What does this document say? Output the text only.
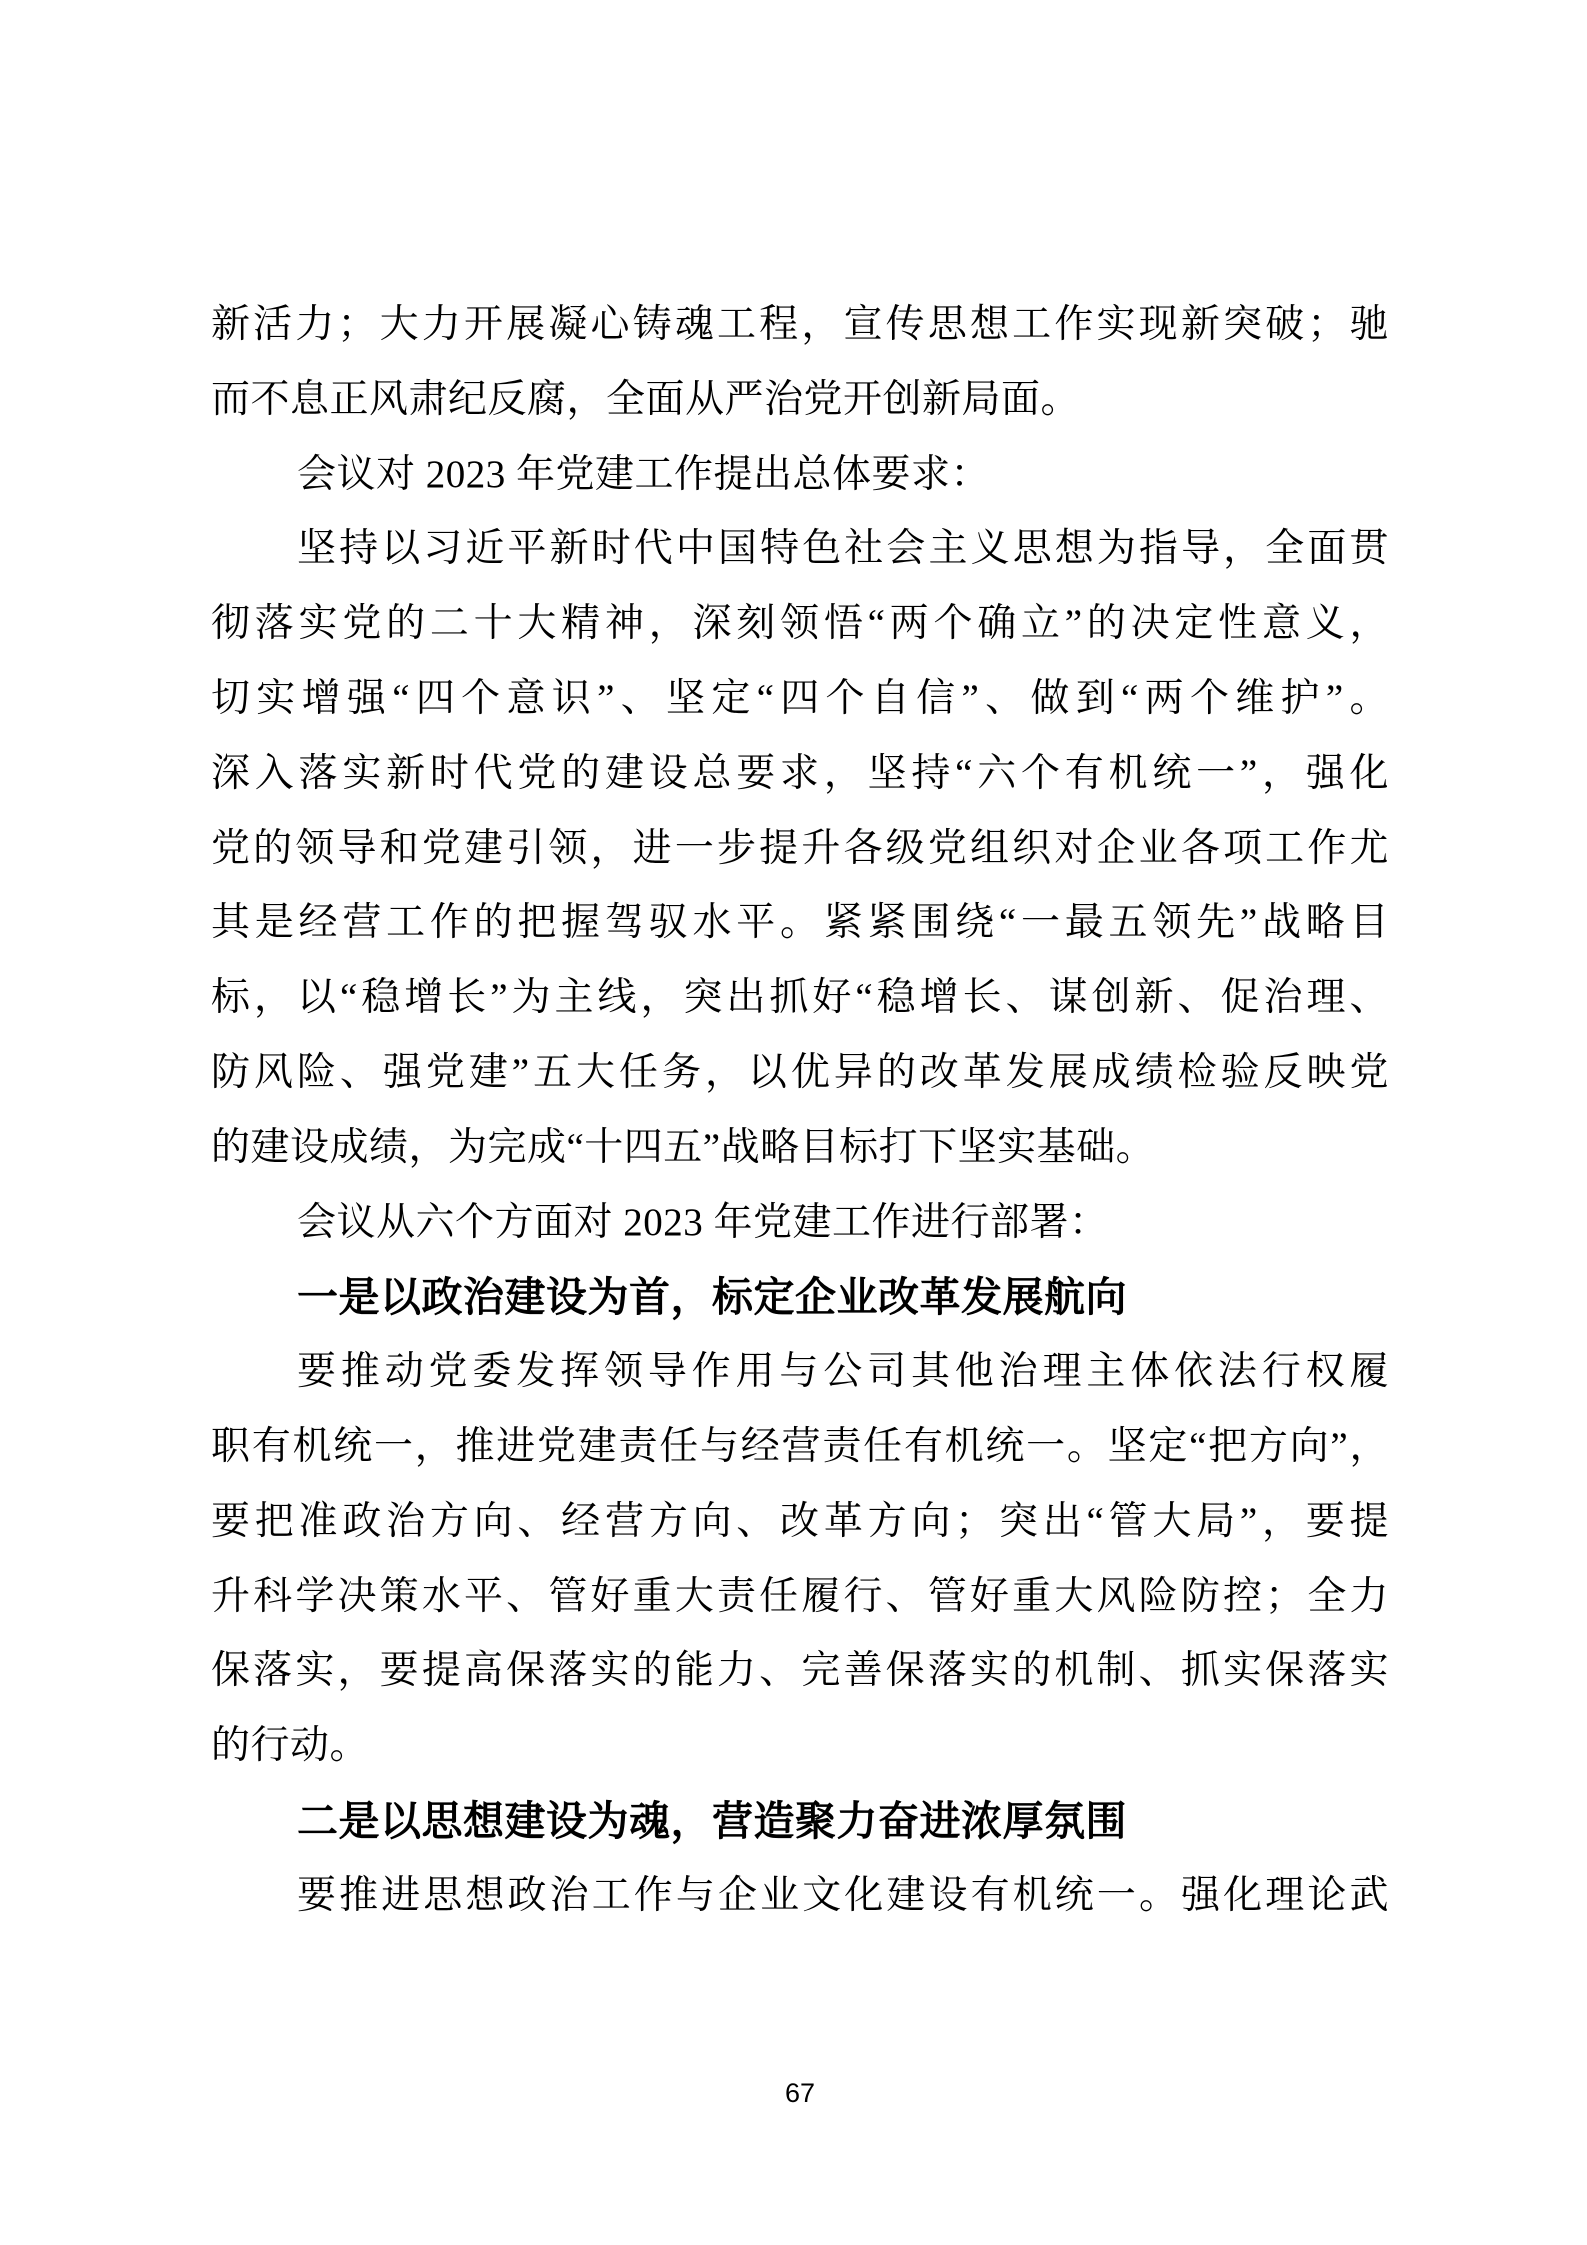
新活力；大力开展凝心铸魂工程，宣传思想工作实现新突破；驰
而不息正风肃纪反腐，全面从严治党开创新局面。
会议对 2023 年党建工作提出总体要求：
坚持以习近平新时代中国特色社会主义思想为指导，全面贯
彻落实党的二十大精神，深刻领悟“两个确立”的决定性意义，
切实增强“四个意识”、坚定“四个自信”、做到“两个维护”。
深入落实新时代党的建设总要求，坚持“六个有机统一”，强化
党的领导和党建引领，进一步提升各级党组织对企业各项工作尤
其是经营工作的把握驾驭水平。紧紧围绕“一最五领先”战略目
标，以“稳增长”为主线，突出抓好“稳增长、谋创新、促治理、
防风险、强党建”五大任务，以优异的改革发展成绩检验反映党
的建设成绩，为完成“十四五”战略目标打下坚实基础。
会议从六个方面对 2023 年党建工作进行部署：
一是以政治建设为首，标定企业改革发展航向
要推动党委发挥领导作用与公司其他治理主体依法行权履
职有机统一，推进党建责任与经营责任有机统一。坚定“把方向”，
要把准政治方向、经营方向、改革方向；突出“管大局”，要提
升科学决策水平、管好重大责任履行、管好重大风险防控；全力
保落实，要提高保落实的能力、完善保落实的机制、抓实保落实
的行动。
二是以思想建设为魂，营造聚力奋进浓厚氛围
要推进思想政治工作与企业文化建设有机统一。强化理论武
67
